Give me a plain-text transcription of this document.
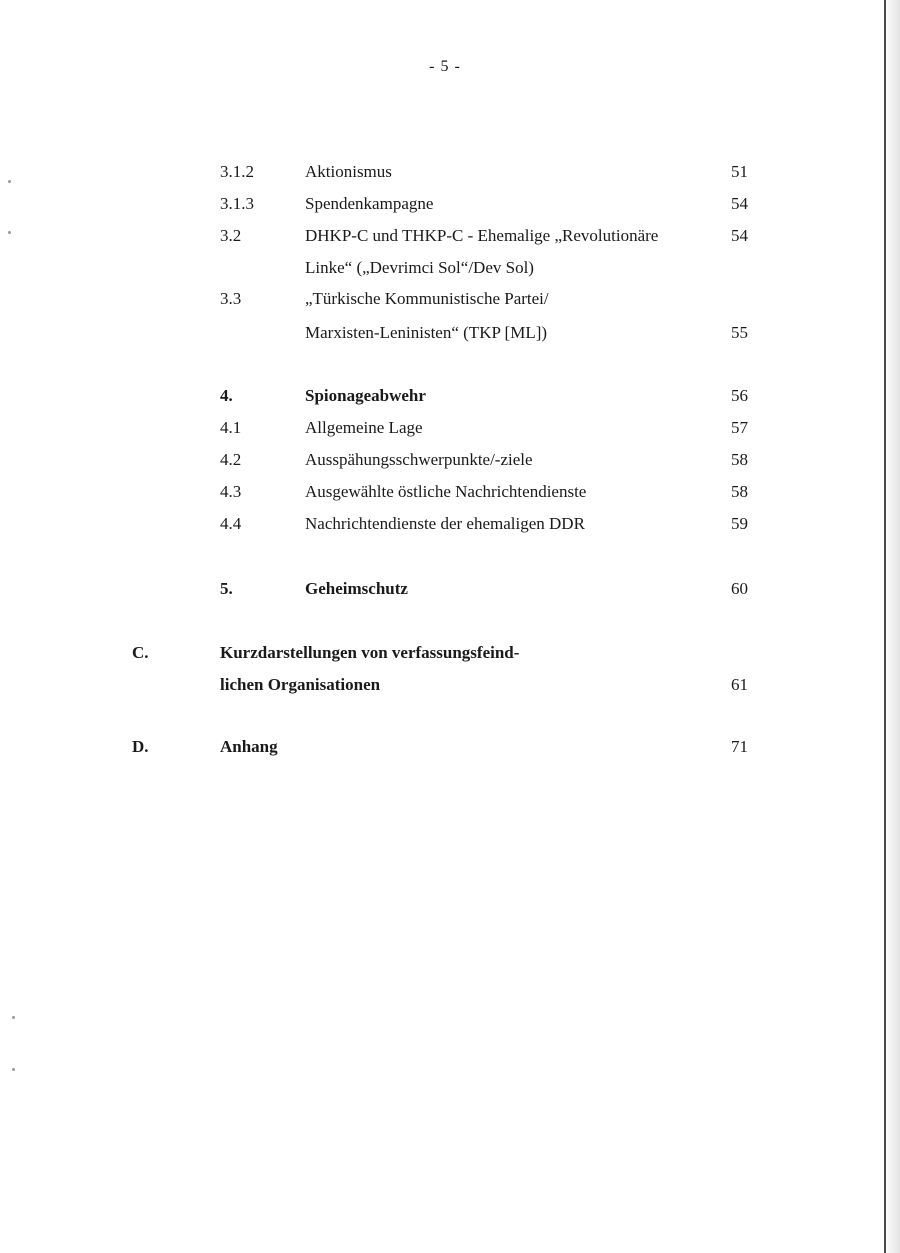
- 5 -
3.1.2	Aktionismus	51
3.1.3	Spendenkampagne	54
3.2	DHKP-C und THKP-C - Ehemalige „Revolutionäre	54
Linke“ („Devrimci Sol“/Dev Sol)
3.3	„Türkische Kommunistische Partei/
Marxisten-Leninisten“ (TKP [ML])	55
4.	Spionageabwehr	56
4.1	Allgemeine Lage	57
4.2	Ausspähungsschwerpunkte/-ziele	58
4.3	Ausgewählte östliche Nachrichtendienste	58
4.4	Nachrichtendienste der ehemaligen DDR	59
5.	Geheimschutz	60
C.	Kurzdarstellungen von verfassungsfeind-
lichen Organisationen	61
D.	Anhang	71
